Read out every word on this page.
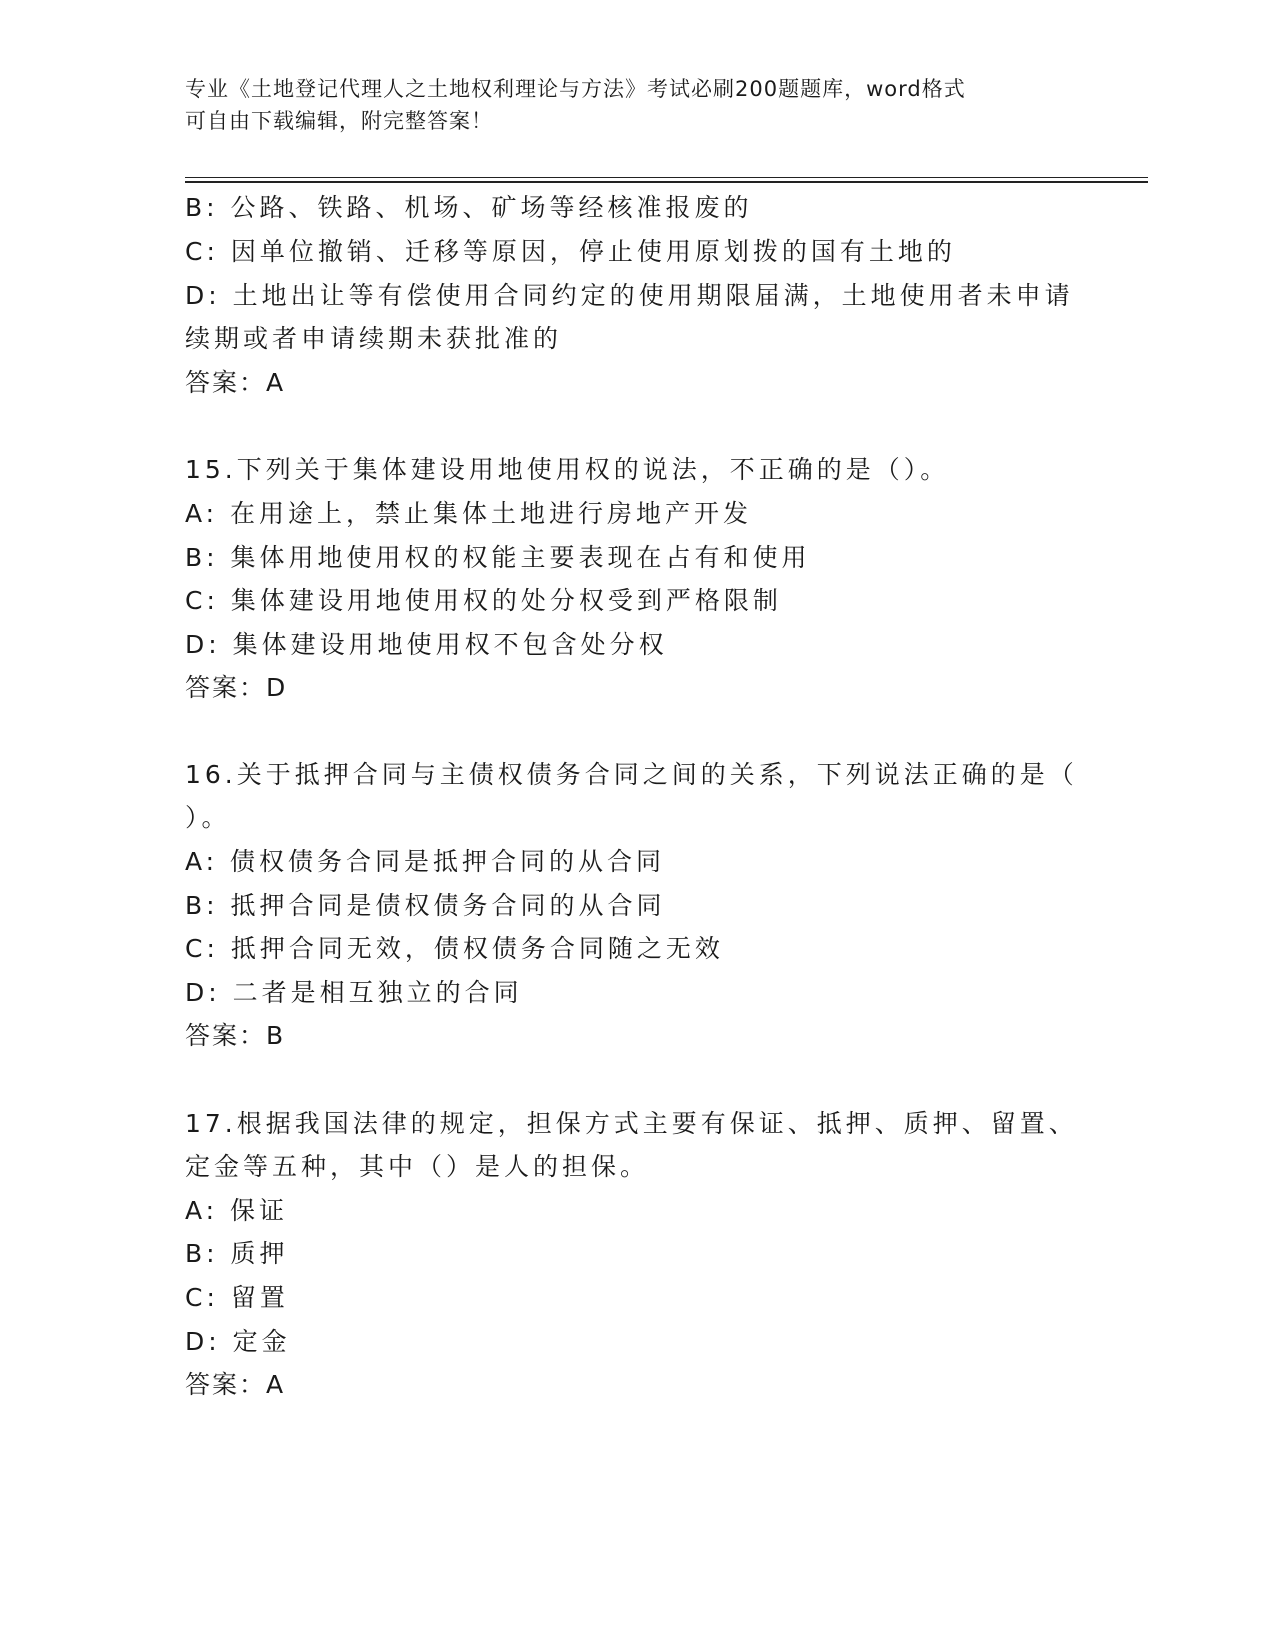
专业《土地登记代理人之土地权利理论与方法》考试必刷200题题库，word格式
可自由下载编辑，附完整答案！
B: 公路、铁路、机场、矿场等经核准报废的
C: 因单位撤销、迁移等原因，停止使用原划拨的国有土地的
D: 土地出让等有偿使用合同约定的使用期限届满，土地使用者未申请
续期或者申请续期未获批准的
答案：A
15.下列关于集体建设用地使用权的说法，不正确的是（）。
A: 在用途上，禁止集体土地进行房地产开发
B: 集体用地使用权的权能主要表现在占有和使用
C: 集体建设用地使用权的处分权受到严格限制
D: 集体建设用地使用权不包含处分权
答案：D
16.关于抵押合同与主债权债务合同之间的关系，下列说法正确的是（
）。
A: 债权债务合同是抵押合同的从合同
B: 抵押合同是债权债务合同的从合同
C: 抵押合同无效，债权债务合同随之无效
D: 二者是相互独立的合同
答案：B
17.根据我国法律的规定，担保方式主要有保证、抵押、质押、留置、
定金等五种，其中（）是人的担保。
A: 保证
B: 质押
C: 留置
D: 定金
答案：A
